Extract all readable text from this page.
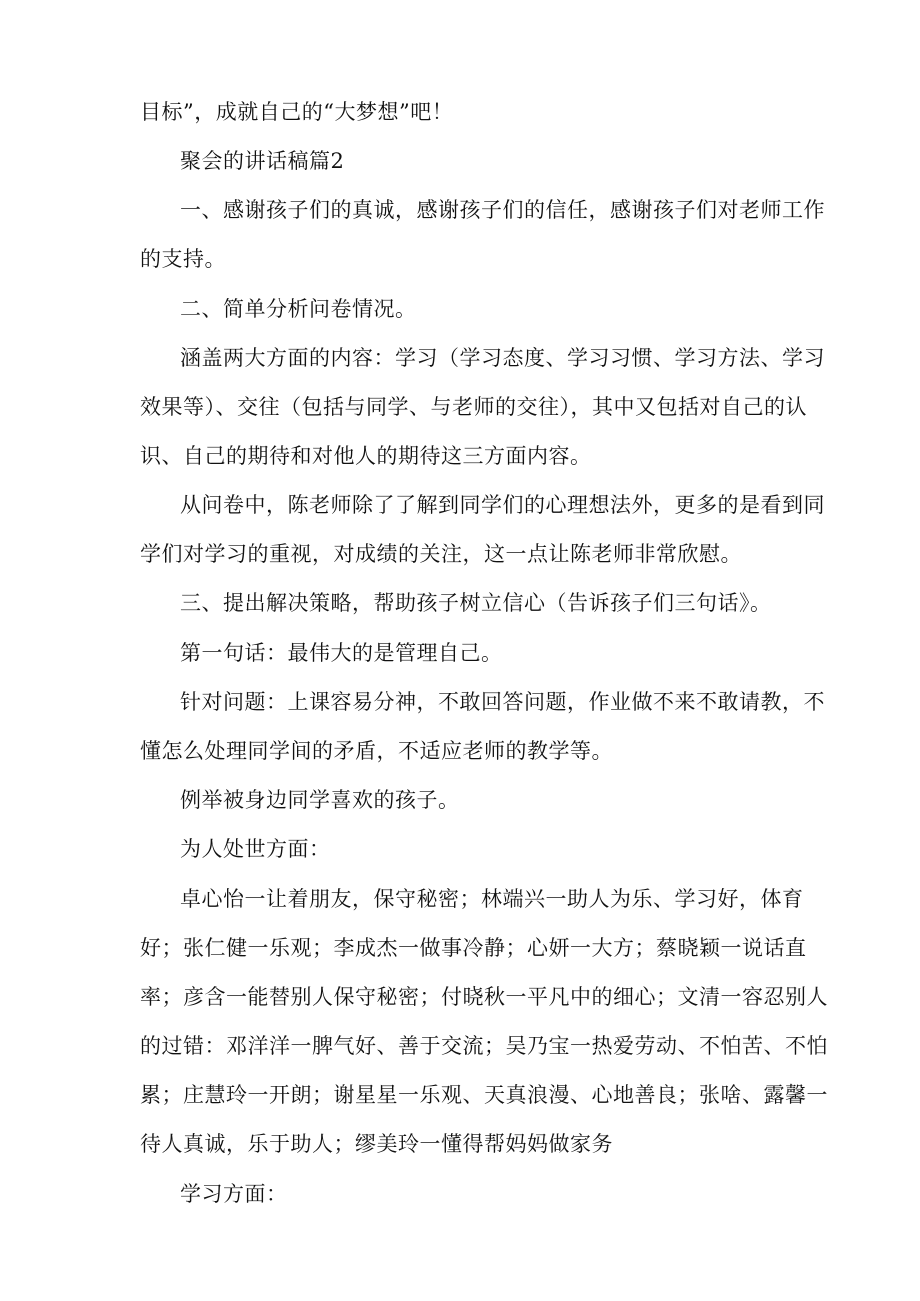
目标”，成就自己的“大梦想”吧！
聚会的讲话稿篇2
一、感谢孩子们的真诚，感谢孩子们的信任，感谢孩子们对老师工作
的支持。
二、简单分析问卷情况。
涵盖两大方面的内容：学习（学习态度、学习习惯、学习方法、学习
效果等）、交往（包括与同学、与老师的交往），其中又包括对自己的认
识、自己的期待和对他人的期待这三方面内容。
从问卷中，陈老师除了了解到同学们的心理想法外，更多的是看到同
学们对学习的重视，对成绩的关注，这一点让陈老师非常欣慰。
三、提出解决策略，帮助孩子树立信心（告诉孩子们三句话》。
第一句话：最伟大的是管理自己。
针对问题：上课容易分神，不敢回答问题，作业做不来不敢请教，不
懂怎么处理同学间的矛盾，不适应老师的教学等。
例举被身边同学喜欢的孩子。
为人处世方面：
卓心怡一让着朋友，保守秘密；林端兴一助人为乐、学习好，体育
好；张仁健一乐观；李成杰一做事冷静；心妍一大方；蔡晓颖一说话直
率；彦含一能替别人保守秘密；付晓秋一平凡中的细心；文清一容忍别人
的过错：邓洋洋一脾气好、善于交流；吴乃宝一热爱劳动、不怕苦、不怕
累；庄慧玲一开朗；谢星星一乐观、天真浪漫、心地善良；张啥、露馨一
待人真诚，乐于助人；缪美玲一懂得帮妈妈做家务
学习方面：
